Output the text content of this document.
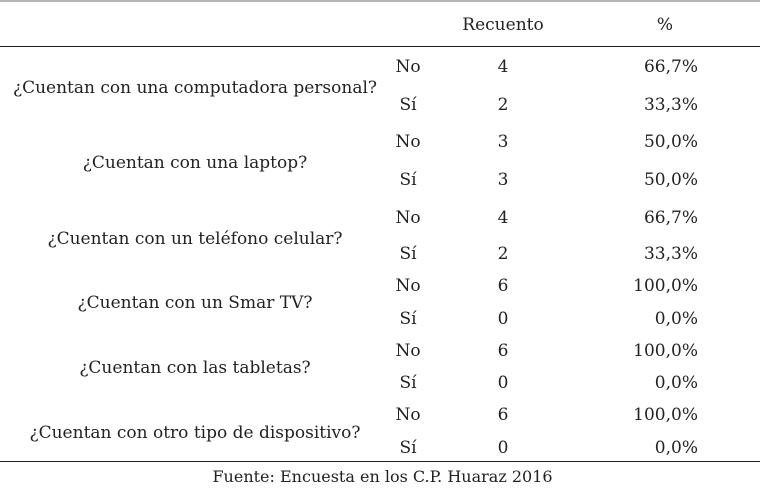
Recuento	%
¿Cuentan con una computadora personal?
No	4	66,7%
Sí	2	33,3%
¿Cuentan con una laptop?
No	3	50,0%
Sí	3	50,0%
¿Cuentan con un teléfono celular?
No	4	66,7%
Sí	2	33,3%
¿Cuentan con un Smar TV?
No	6	100,0%
Sí	0	0,0%
¿Cuentan con las tabletas?
No	6	100,0%
Sí	0	0,0%
¿Cuentan con otro tipo de dispositivo?
No	6	100,0%
Sí	0	0,0%
Fuente: Encuesta en los C.P. Huaraz 2016
